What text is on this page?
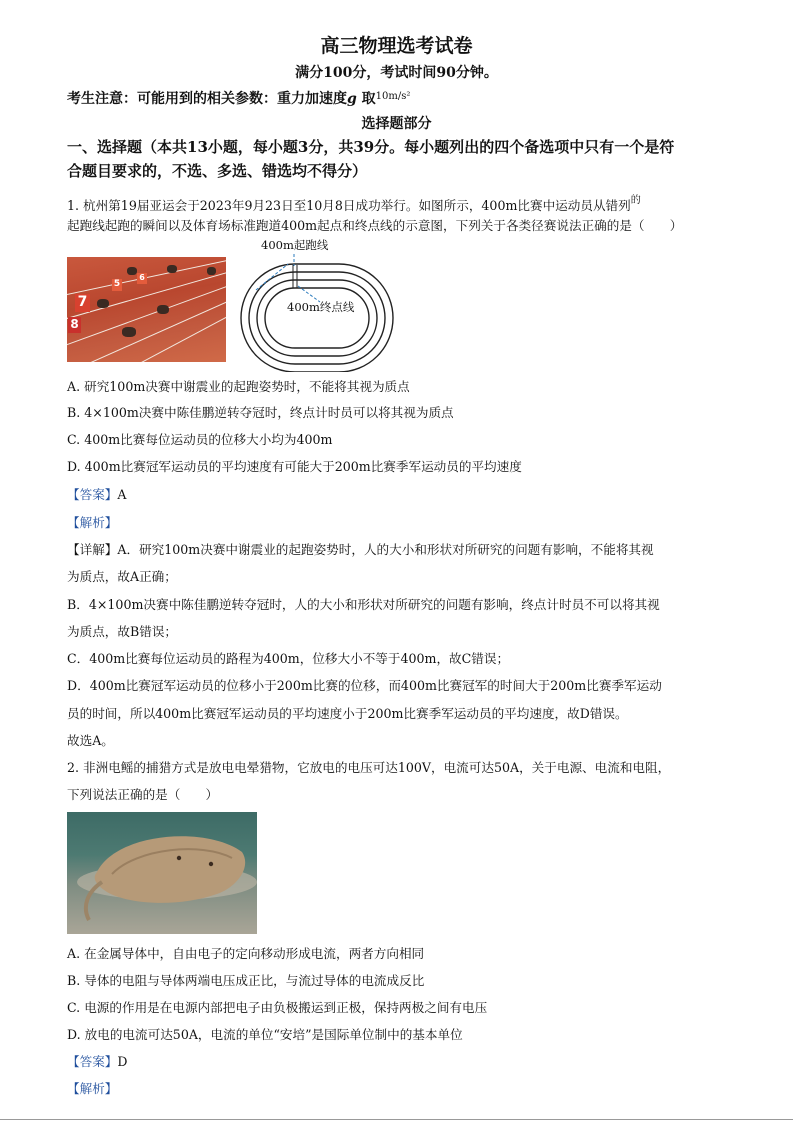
高三物理选考试卷
满分100分，考试时间90分钟。
考生注意：可能用到的相关参数：重力加速度g 取$^{10m/s^2}$
选择题部分
一、选择题（本共13小题，每小题3分，共39分。每小题列出的四个备选项中只有一个是符
合题目要求的，不选、多选、错选均不得分）
1. 杭州第19届亚运会于2023年9月23日至10月8日成功举行。如图所示，400m比赛中运动员从错列$^的$
起跑线起跑的瞬间以及体育场标准跑道400m起点和终点线的示意图，下列关于各类径赛说法正确的是（　　）
7
8
5
6
400m起跑线
400m终点线
A. 研究100m决赛中谢震业的起跑姿势时，不能将其视为质点
B. 4×100m决赛中陈佳鹏逆转夺冠时，终点计时员可以将其视为质点
C. 400m比赛每位运动员的位移大小均为400m
D. 400m比赛冠军运动员的平均速度有可能大于200m比赛季军运动员的平均速度
【答案】A
【解析】
【详解】A．研究100m决赛中谢震业的起跑姿势时，人的大小和形状对所研究的问题有影响，不能将其视
为质点，故A正确；
B．4×100m决赛中陈佳鹏逆转夺冠时，人的大小和形状对所研究的问题有影响，终点计时员不可以将其视
为质点，故B错误；
C．400m比赛每位运动员的路程为400m，位移大小不等于400m，故C错误；
D．400m比赛冠军运动员的位移小于200m比赛的位移，而400m比赛冠军的时间大于200m比赛季军运动
员的时间，所以400m比赛冠军运动员的平均速度小于200m比赛季军运动员的平均速度，故D错误。
故选A。
2. 非洲电鳐的捕猎方式是放电电晕猎物，它放电的电压可达100V，电流可达50A，关于电源、电流和电阻，
下列说法正确的是（　　）
A. 在金属导体中，自由电子的定向移动形成电流，两者方向相同
B. 导体的电阻与导体两端电压成正比，与流过导体的电流成反比
C. 电源的作用是在电源内部把电子由负极搬运到正极，保持两极之间有电压
D. 放电的电流可达50A，电流的单位“安培”是国际单位制中的基本单位
【答案】D
【解析】
